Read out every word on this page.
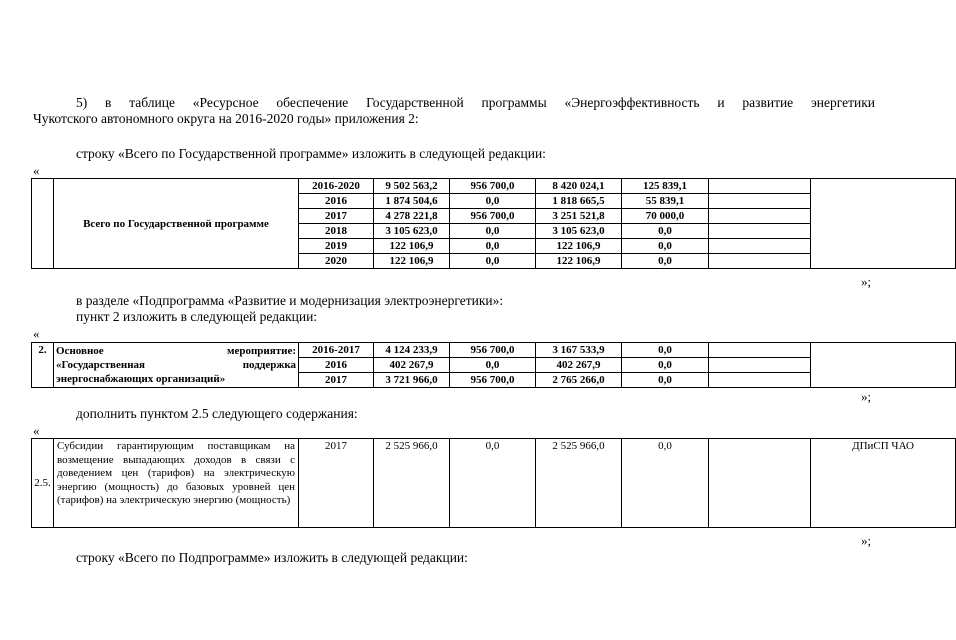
5) в таблице «Ресурсное обеспечение Государственной программы «Энергоэффективность и развитие энергетики
Чукотского автономного округа на 2016-2020 годы» приложения 2:
строку «Всего по Государственной программе» изложить в следующей редакции:
«
	Всего по Государственной программе	2016-2020	9 502 563,2	956 700,0	8 420 024,1	125 839,1		
		2016	1 874 504,6	0,0	1 818 665,5	55 839,1		
		2017	4 278 221,8	956 700,0	3 251 521,8	70 000,0		
		2018	3 105 623,0	0,0	3 105 623,0	0,0		
		2019	122 106,9	0,0	122 106,9	0,0		
		2020	122 106,9	0,0	122 106,9	0,0		
»;
в разделе «Подпрограмма «Развитие и модернизация электроэнергетики»:
пункт 2 изложить в следующей редакции:
«
2.	Основное мероприятие:
«Государственная поддержка
энергоснабжающих организаций»	2016-2017	4 124 233,9	956 700,0	3 167 533,9	0,0		
		2016	402 267,9	0,0	402 267,9	0,0		
		2017	3 721 966,0	956 700,0	2 765 266,0	0,0		
»;
дополнить пунктом 2.5 следующего содержания:
«
2.5.	Субсидии гарантирующим поставщикам на возмещение выпадающих доходов в связи с доведением цен (тарифов) на электрическую энергию (мощность) до базовых уровней цен (тарифов) на электрическую энергию (мощность)	2017	2 525 966,0	0,0	2 525 966,0	0,0		ДПиСП ЧАО
»;
строку «Всего по Подпрограмме» изложить в следующей редакции:
